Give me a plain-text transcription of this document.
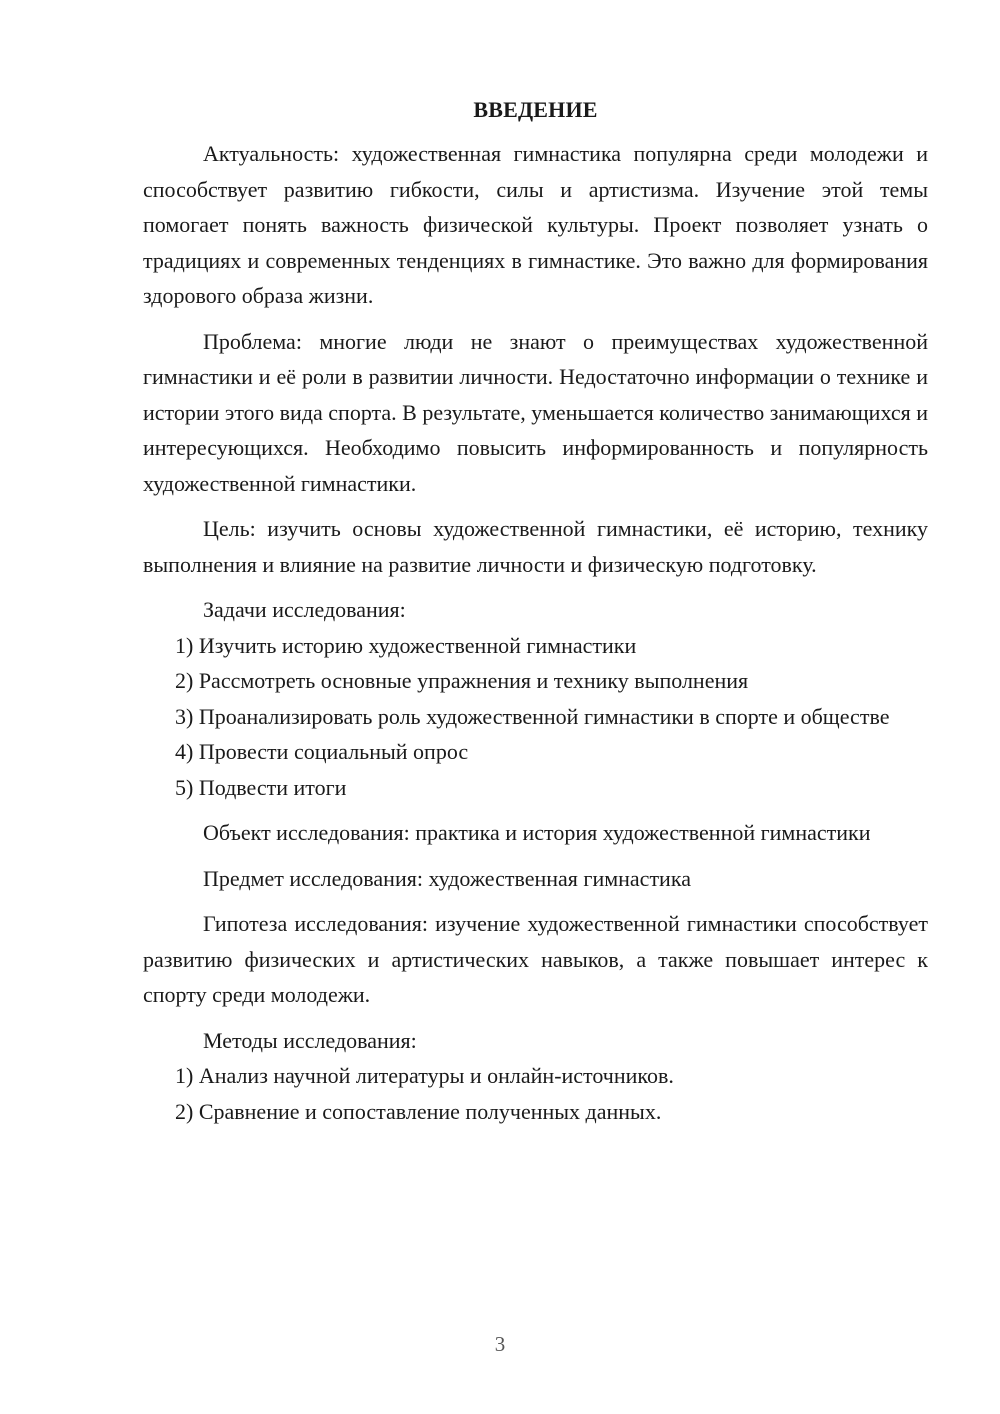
ВВЕДЕНИЕ

Актуальность: художественная гимнастика популярна среди молодежи и способствует развитию гибкости, силы и артистизма. Изучение этой темы помогает понять важность физической культуры. Проект позволяет узнать о традициях и современных тенденциях в гимнастике. Это важно для формирования здорового образа жизни.

Проблема: многие люди не знают о преимуществах художественной гимнастики и её роли в развитии личности. Недостаточно информации о технике и истории этого вида спорта. В результате, уменьшается количество занимающихся и интересующихся. Необходимо повысить информированность и популярность художественной гимнастики.

Цель: изучить основы художественной гимнастики, её историю, технику выполнения и влияние на развитие личности и физическую подготовку.

Задачи исследования:

1) Изучить историю художественной гимнастики

2) Рассмотреть основные упражнения и технику выполнения

3) Проанализировать роль художественной гимнастики в спорте и обществе

4) Провести социальный опрос

5) Подвести итоги

Объект исследования: практика и история художественной гимнастики

Предмет исследования: художественная гимнастика

Гипотеза исследования: изучение художественной гимнастики способствует развитию физических и артистических навыков, а также повышает интерес к спорту среди молодежи.

Методы исследования:

1) Анализ научной литературы и онлайн-источников.

2) Сравнение и сопоставление полученных данных.

3
